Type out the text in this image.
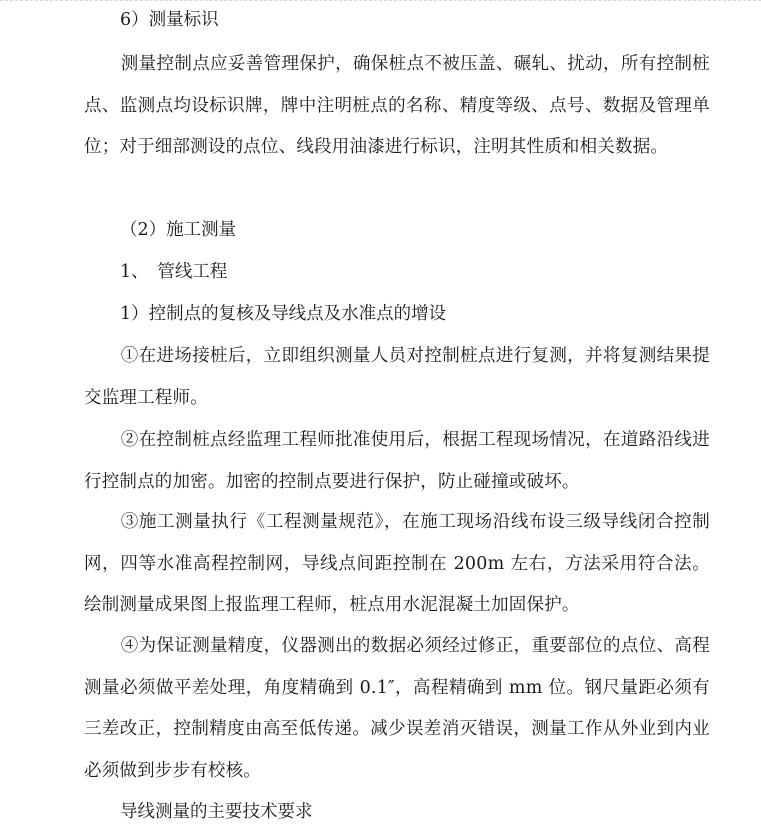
6）测量标识
测量控制点应妥善管理保护，确保桩点不被压盖、碾轧、扰动，所有控制桩点、监测点均设标识牌，牌中注明桩点的名称、精度等级、点号、数据及管理单位；对于细部测设的点位、线段用油漆进行标识，注明其性质和相关数据。
（2）施工测量
1、　管线工程
1）控制点的复核及导线点及水准点的增设
①在进场接桩后，立即组织测量人员对控制桩点进行复测，并将复测结果提交监理工程师。
②在控制桩点经监理工程师批准使用后，根据工程现场情况，在道路沿线进行控制点的加密。加密的控制点要进行保护，防止碰撞或破坏。
③施工测量执行《工程测量规范》，在施工现场沿线布设三级导线闭合控制网，四等水准高程控制网，导线点间距控制在 200m 左右，方法采用符合法。绘制测量成果图上报监理工程师，桩点用水泥混凝土加固保护。
④为保证测量精度，仪器测出的数据必须经过修正，重要部位的点位、高程测量必须做平差处理，角度精确到 0.1″，高程精确到 mm 位。钢尺量距必须有三差改正，控制精度由高至低传递。减少误差消灭错误，测量工作从外业到内业必须做到步步有校核。
导线测量的主要技术要求
